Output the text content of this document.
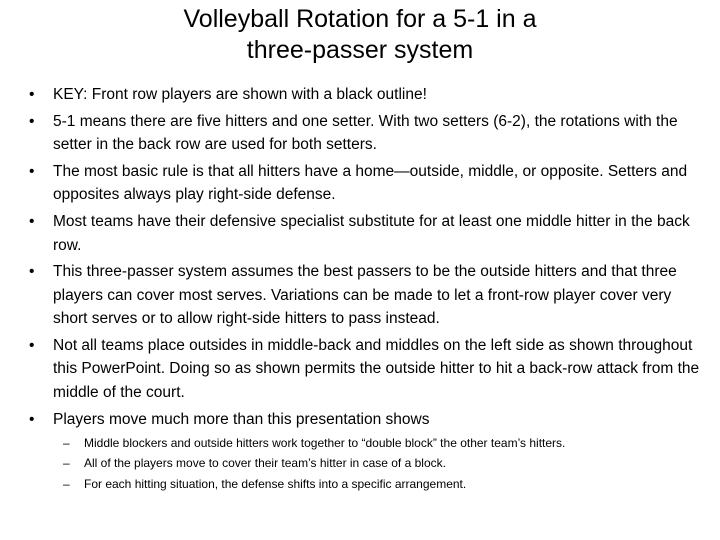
Volleyball Rotation for a 5-1 in a
three-passer system
• KEY: Front row players are shown with a black outline!
• 5-1 means there are five hitters and one setter. With two setters (6-2), the rotations with the setter in the back row are used for both setters.
• The most basic rule is that all hitters have a home—outside, middle, or opposite. Setters and opposites always play right-side defense.
• Most teams have their defensive specialist substitute for at least one middle hitter in the back row.
• This three-passer system assumes the best passers to be the outside hitters and that three players can cover most serves. Variations can be made to let a front-row player cover very short serves or to allow right-side hitters to pass instead.
• Not all teams place outsides in middle-back and middles on the left side as shown throughout this PowerPoint. Doing so as shown permits the outside hitter to hit a back-row attack from the middle of the court.
• Players move much more than this presentation shows
– Middle blockers and outside hitters work together to “double block” the other team’s hitters.
– All of the players move to cover their team’s hitter in case of a block.
– For each hitting situation, the defense shifts into a specific arrangement.
